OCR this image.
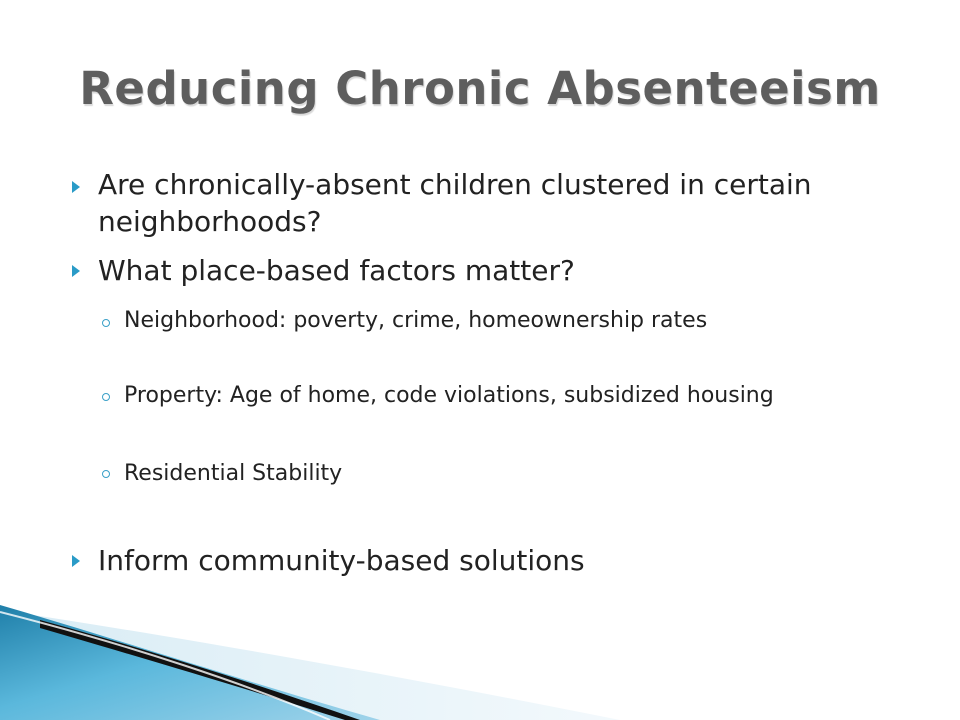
Reducing Chronic Absenteeism
Are chronically-absent children clustered in certain neighborhoods?
What place-based factors matter?
Neighborhood: poverty, crime, homeownership rates
Property: Age of home, code violations, subsidized housing
Residential Stability
Inform community-based solutions
